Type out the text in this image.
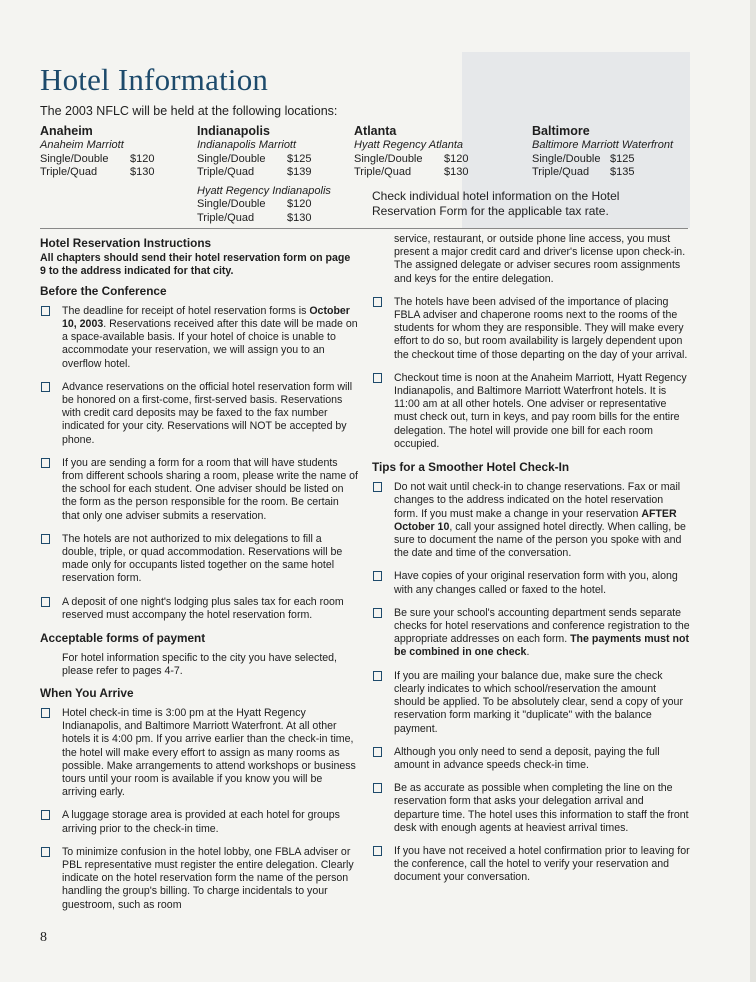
Hotel Information
The 2003 NFLC will be held at the following locations:
Anaheim
Anaheim Marriott
Single/Double	$120
Triple/Quad	$130
Indianapolis
Indianapolis Marriott
Single/Double	$125
Triple/Quad	$139
Hyatt Regency Indianapolis
Single/Double	$120
Triple/Quad	$130
Atlanta
Hyatt Regency Atlanta
Single/Double	$120
Triple/Quad	$130
Baltimore
Baltimore Marriott Waterfront
Single/Double $125
Triple/Quad	$135
Check individual hotel information on the Hotel Reservation Form for the applicable tax rate.
Hotel Reservation Instructions
All chapters should send their hotel reservation form on page 9 to the address indicated for that city.
Before the Conference
The deadline for receipt of hotel reservation forms is October 10, 2003. Reservations received after this date will be made on a space-available basis. If your hotel of choice is unable to accommodate your reservation, we will assign you to an overflow hotel.
Advance reservations on the official hotel reservation form will be honored on a first-come, first-served basis. Reservations with credit card deposits may be faxed to the fax number indicated for your city. Reservations will NOT be accepted by phone.
If you are sending a form for a room that will have students from different schools sharing a room, please write the name of the school for each student. One adviser should be listed on the form as the person responsible for the room. Be certain that only one adviser submits a reservation.
The hotels are not authorized to mix delegations to fill a double, triple, or quad accommodation. Reservations will be made only for occupants listed together on the same hotel reservation form.
A deposit of one night's lodging plus sales tax for each room reserved must accompany the hotel reservation form.
Acceptable forms of payment
For hotel information specific to the city you have selected, please refer to pages 4-7.
When You Arrive
Hotel check-in time is 3:00 pm at the Hyatt Regency Indianapolis, and Baltimore Marriott Waterfront. At all other hotels it is 4:00 pm. If you arrive earlier than the check-in time, the hotel will make every effort to assign as many rooms as possible. Make arrangements to attend workshops or business tours until your room is available if you know you will be arriving early.
A luggage storage area is provided at each hotel for groups arriving prior to the check-in time.
To minimize confusion in the hotel lobby, one FBLA adviser or PBL representative must register the entire delegation. Clearly indicate on the hotel reservation form the name of the person handling the group's billing. To charge incidentals to your guestroom, such as room
service, restaurant, or outside phone line access, you must present a major credit card and driver's license upon check-in. The assigned delegate or adviser secures room assignments and keys for the entire delegation.
The hotels have been advised of the importance of placing FBLA adviser and chaperone rooms next to the rooms of the students for whom they are responsible. They will make every effort to do so, but room availability is largely dependent upon the checkout time of those departing on the day of your arrival.
Checkout time is noon at the Anaheim Marriott, Hyatt Regency Indianapolis, and Baltimore Marriott Waterfront hotels. It is 11:00 am at all other hotels. One adviser or representative must check out, turn in keys, and pay room bills for the entire delegation. The hotel will provide one bill for each room occupied.
Tips for a Smoother Hotel Check-In
Do not wait until check-in to change reservations. Fax or mail changes to the address indicated on the hotel reservation form. If you must make a change in your reservation AFTER October 10, call your assigned hotel directly. When calling, be sure to document the name of the person you spoke with and the date and time of the conversation.
Have copies of your original reservation form with you, along with any changes called or faxed to the hotel.
Be sure your school's accounting department sends separate checks for hotel reservations and conference registration to the appropriate addresses on each form. The payments must not be combined in one check.
If you are mailing your balance due, make sure the check clearly indicates to which school/reservation the amount should be applied. To be absolutely clear, send a copy of your reservation form marking it "duplicate" with the balance payment.
Although you only need to send a deposit, paying the full amount in advance speeds check-in time.
Be as accurate as possible when completing the line on the reservation form that asks your delegation arrival and departure time. The hotel uses this information to staff the front desk with enough agents at heaviest arrival times.
If you have not received a hotel confirmation prior to leaving for the conference, call the hotel to verify your reservation and document your conversation.
8
